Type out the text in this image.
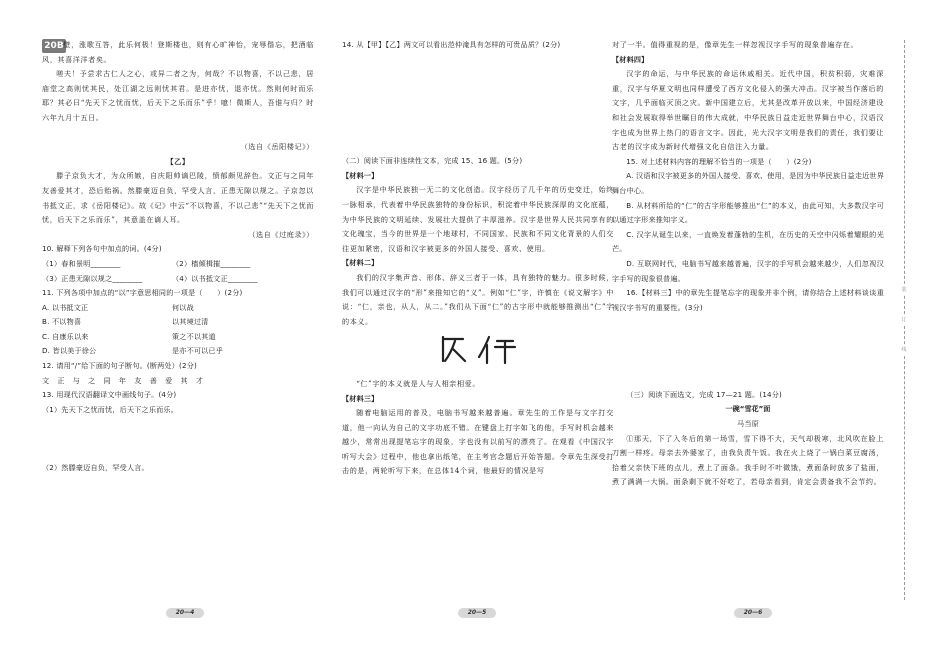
装
订
线
20B 壁，涨歌互答，此乐何极！登斯楼也，则有心旷神怡，宠辱偕忘，把酒临风，其喜洋洋者矣。

嗟夫！予尝求古仁人之心，或异二者之为，何哉？不以物喜，不以己悲，居庙堂之高则忧其民，处江湖之远则忧其君。是进亦忧，退亦忧。然则何时而乐耶？其必曰“先天下之忧而忧，后天下之乐而乐”乎！噫！微斯人，吾谁与归？时六年九月十五日。

（选自《岳阳楼记》）

【乙】

滕子京负大才，为众所嫉，自庆阳帅谪巴陵，愤郁颇见辞色。文正与之同年友善爱其才，恐后贻祸。然滕豪迈自负，罕受人言，正患无隙以规之。子京忽以书抵文正，求《岳阳楼记》。故《记》中云“不以物喜，不以己悲”“先天下之忧而忧，后天下之乐而乐”，其意盖在谪人耳。

（选自《过庭录》）

10. 解释下列各句中加点的词。(4分)

（1）春和景明________	（2）樯倾楫摧________
（3）正患无隙以规之________	（4）以书抵文正________

11. 下列各项中加点的“以”字意思相同的一项是（　　）(2分)

A. 以书抵文正	何以战
B. 不以物喜	以其境过清
C. 自康乐以来	策之不以其道
D. 皆以美于徐公	是亦不可以已乎

12. 请用“/”给下面的句子断句。(断两处）(2分)

文　正　与　之　同　年　友　善　爱　其　才

13. 用现代汉语翻译文中画线句子。(4分)

（1）先天下之忧而忧，后天下之乐而乐。

（2）然滕豪迈自负，罕受人言。

14. 从【甲】【乙】两文可以看出范仲淹具有怎样的可贵品质？(2分)

（二）阅读下面非连续性文本，完成 15、16 题。(5分)

【材料一】

汉字是中华民族独一无二的文化创造。汉字经历了几千年的历史变迁，始终一脉相承，代表着中华民族独特的身份标识，积淀着中华民族深厚的文化底蕴，为中华民族的文明延续、发展壮大提供了丰厚滋养。汉字是世界人民共同享有的文化瑰宝，当今的世界是一个地球村，不同国家、民族和不同文化背景的人们交往更加紧密，汉语和汉字被更多的外国人接受、喜欢、使用。

【材料二】

我们的汉字集声音、形体、辞义三者于一体，具有独特的魅力。很多时候，我们可以通过汉字的“形”来推知它的“义”。例如“仁”字，许慎在《说文解字》中说：“仁，亲也，从人，从二。”我们从下面“仁”的古字形中就能够推测出“仁”字的本义。

“仁”字的本义就是人与人相亲相爱。

【材料三】

随着电脑运用的普及，电脑书写越来越普遍。章先生的工作是与文字打交道，他一向认为自己的文字功底不错。在键盘上打字如飞的他，手写时机会越来越少，常常出现提笔忘字的现象，字也没有以前写的漂亮了。在观看《中国汉字听写大会》过程中，他也拿出纸笔，在主考官念题后开始答题。令章先生深受打击的是，两轮听写下来，在总体14个词，他最好的情况是写

对了一半。值得重视的是，像章先生一样忽视汉字手写的现象普遍存在。

【材料四】

汉字的命运，与中华民族的命运休戚相关。近代中国，积贫积弱，灾难深重，汉字与华夏文明也同样遭受了西方文化侵入的强大冲击。汉字被当作落后的文字，几乎面临灭顶之灾。新中国建立后，尤其是改革开放以来，中国经济建设和社会发展取得举世瞩目的伟大成就，中华民族日益走近世界舞台中心，汉语汉字也成为世界上热门的语言文字。因此，光大汉字文明是我们的责任，我们要让古老的汉字成为新时代增强文化自信注入力量。

15. 对上述材料内容的理解不恰当的一项是（　　）(2分)

A. 汉语和汉字被更多的外国人接受、喜欢、使用，是因为中华民族日益走近世界舞台中心。

B. 从材料所给的“仁”的古字形能够推出“仁”的本义，由此可知，大多数汉字可以通过字形来推知字义。

C. 汉字从诞生以来，一直焕发着蓬勃的生机，在历史的天空中闪烁着耀眼的光芒。

D. 互联网时代，电脑书写越来越普遍，汉字的手写机会越来越少，人们忽视汉字手写的现象很普遍。

16.【材料三】中的章先生提笔忘字的现象并非个例，请你结合上述材料谈谈重视汉字书写的重要性。(3分)

（三）阅读下面选文，完成 17—21 题。(14分)

一碗“雪花”面

马当原

①那天，下了入冬后的第一场雪，雪下得不大，天气却极寒，北风吹在脸上刀割一样疼。母亲去外婆家了，由我负责午饭。我在火上烧了一锅白菜豆腐汤，拾着父亲快下班的点儿，煮上了面条。我手时不叶微饿，煮面条时放多了盐面，煮了满满一大锅。面条剩下就不好吃了，若母亲看到，肯定会责备我不会节约。

20—4	20—5	20—6
